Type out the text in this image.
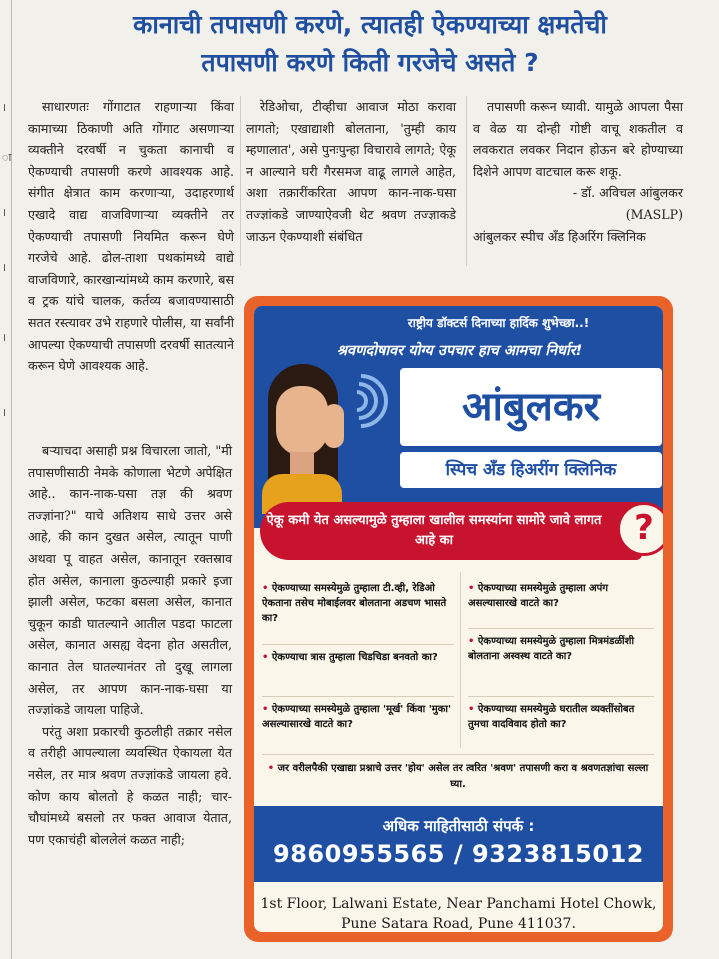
।
ा
।
।
।
।
कानाची तपासणी करणे, त्यातही ऐकण्याच्या क्षमतेची
तपासणी करणे किती गरजेचे असते ?

साधारणतः गोंगाटात राहणाऱ्या किंवा कामाच्या ठिकाणी अति गोंगाट असणाऱ्या व्यक्तीने दरवर्षी न चुकता कानाची व ऐकण्याची तपासणी करणे आवश्यक आहे. संगीत क्षेत्रात काम करणाऱ्या, उदाहरणार्थ एखादे वाद्य वाजविणाऱ्या व्यक्तीने तर ऐकण्याची तपासणी नियमित करून घेणे गरजेचे आहे. ढोल-ताशा पथकांमध्ये वाद्ये वाजविणारे, कारखान्यांमध्ये काम करणारे, बस व ट्रक यांचे चालक, कर्तव्य बजावण्यासाठी सतत रस्त्यावर उभे राहणारे पोलीस, या सर्वांनी आपल्या ऐकण्याची तपासणी दरवर्षी सातत्याने करून घेणे आवश्यक आहे.

बऱ्याचदा असाही प्रश्न विचारला जातो, "मी तपासणीसाठी नेमके कोणाला भेटणे अपेक्षित आहे.. कान-नाक-घसा तज्ञ की श्रवण तज्ज्ञांना?" याचे अतिशय साधे उत्तर असे आहे, की कान दुखत असेल, त्यातून पाणी अथवा पू वाहत असेल, कानातून रक्तस्राव होत असेल, कानाला कुठल्याही प्रकारे इजा झाली असेल, फटका बसला असेल, कानात चुकून काडी घातल्याने आतील पडदा फाटला असेल, कानात असह्य वेदना होत असतील, कानात तेल घातल्यानंतर तो दुखू लागला असेल, तर आपण कान-नाक-घसा या तज्ज्ञांकडे जायला पाहिजे.

परंतु अशा प्रकारची कुठलीही तक्रार नसेल व तरीही आपल्याला व्यवस्थित ऐकायला येत नसेल, तर मात्र श्रवण तज्ज्ञांकडे जायला हवे. कोण काय बोलतो हे कळत नाही; चार-चौघांमध्ये बसलो तर फक्त आवाज येतात, पण एकाचंही बोललेलं कळत नाही;

रेडिओचा, टीव्हीचा आवाज मोठा करावा लागतो; एखाद्याशी बोलताना, 'तुम्ही काय म्हणालात', असे पुनःपुन्हा विचारावे लागते; ऐकू न आल्याने घरी गैरसमज वाढू लागले आहेत, अशा तक्रारींकरिता आपण कान-नाक-घसा तज्ज्ञांकडे जाण्याऐवजी थेट श्रवण तज्ज्ञाकडे जाऊन ऐकण्याशी संबंधित

तपासणी करून घ्यावी. यामुळे आपला पैसा व वेळ या दोन्ही गोष्टी वाचू शकतील व लवकरात लवकर निदान होऊन बरे होण्याच्या दिशेने आपण वाटचाल करू शकू.

- डॉ. अविचल आंबुलकर
(MASLP)
आंबुलकर स्पीच अँड हिअरिंग क्लिनिक
राष्ट्रीय डॉक्टर्स दिनाच्या हार्दिक शुभेच्छा..!
श्रवणदोषावर योग्य उपचार हाच आमचा निर्धार!
आंबुलकर
स्पिच अँड हिअरींग क्लिनिक
ऐकू कमी येत असल्यामुळे तुम्हाला खालील समस्यांना सामोरे जावे लागत आहे का	?
• ऐकण्याच्या समस्येमुळे तुम्हाला टी.व्ही, रेडिओ ऐकताना तसेच मोबाईलवर बोलताना अडचण भासते का?
• ऐकण्याचा त्रास तुम्हाला चिडचिडा बनवतो का?
• ऐकण्याच्या समस्येमुळे तुम्हाला 'मूर्ख' किंवा 'मुका' असल्यासारखे वाटते का?
• ऐकण्याच्या समस्येमुळे तुम्हाला अपंग असल्यासारखे वाटते का?
• ऐकण्याच्या समस्येमुळे तुम्हाला मित्रमंडळींशी बोलताना अस्वस्थ वाटते का?
• ऐकण्याच्या समस्येमुळे घरातील व्यक्तींसोबत तुमचा वादविवाद होतो का?
• जर वरीलपैकी एखाद्या प्रश्नाचे उत्तर 'होय' असेल तर त्वरित 'श्रवण' तपासणी करा व श्रवणतज्ञांचा सल्ला घ्या.
अधिक माहितीसाठी संपर्क :
9860955565 / 9323815012
1st Floor, Lalwani Estate, Near Panchami Hotel Chowk,
Pune Satara Road, Pune 411037.
